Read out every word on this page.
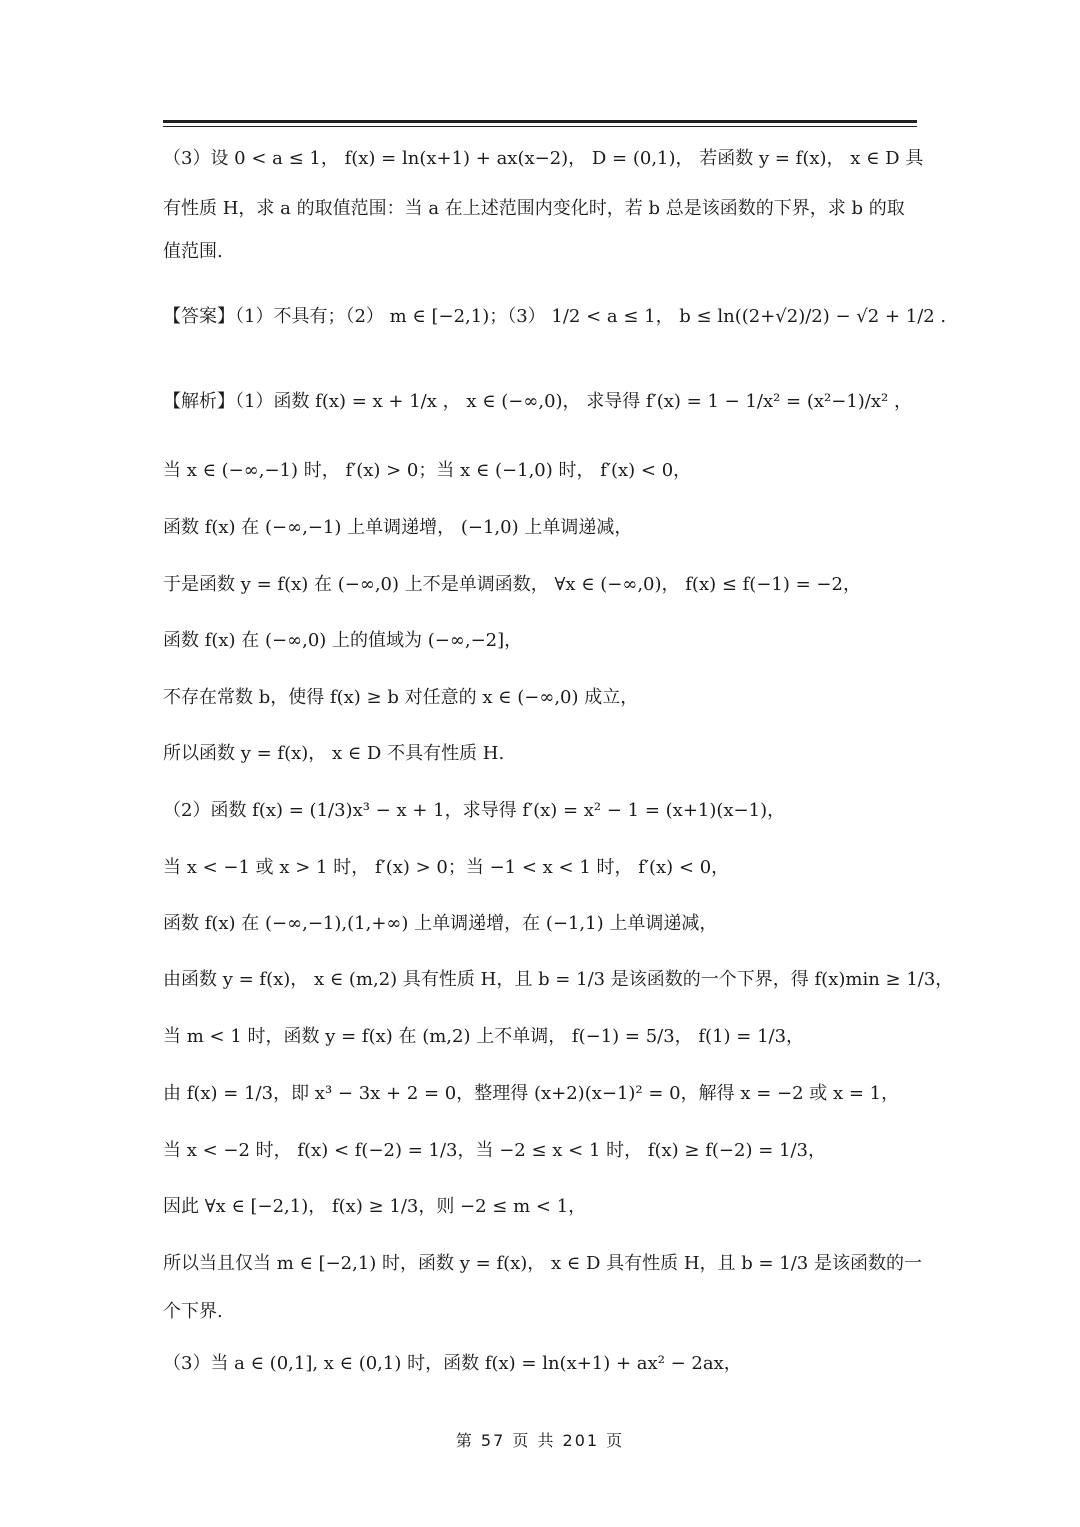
（3）设 0 < a ≤ 1， f(x) = ln(x+1) + ax(x−2)， D = (0,1)， 若函数 y = f(x)， x ∈ D 具
有性质 H，求 a 的取值范围：当 a 在上述范围内变化时，若 b 总是该函数的下界，求 b 的取
值范围.
【答案】（1）不具有；（2） m ∈ [−2,1)；（3） 1/2 < a ≤ 1， b ≤ ln((2+√2)/2) − √2 + 1/2 .
【解析】（1）函数 f(x) = x + 1/x ， x ∈ (−∞,0)， 求导得 f′(x) = 1 − 1/x² = (x²−1)/x² ，
当 x ∈ (−∞,−1) 时， f′(x) > 0；当 x ∈ (−1,0) 时， f′(x) < 0，
函数 f(x) 在 (−∞,−1) 上单调递增， (−1,0) 上单调递减，
于是函数 y = f(x) 在 (−∞,0) 上不是单调函数， ∀x ∈ (−∞,0)， f(x) ≤ f(−1) = −2，
函数 f(x) 在 (−∞,0) 上的值域为 (−∞,−2]，
不存在常数 b，使得 f(x) ≥ b 对任意的 x ∈ (−∞,0) 成立，
所以函数 y = f(x)， x ∈ D 不具有性质 H.
（2）函数 f(x) = (1/3)x³ − x + 1，求导得 f′(x) = x² − 1 = (x+1)(x−1)，
当 x < −1 或 x > 1 时， f′(x) > 0；当 −1 < x < 1 时， f′(x) < 0，
函数 f(x) 在 (−∞,−1),(1,+∞) 上单调递增，在 (−1,1) 上单调递减，
由函数 y = f(x)， x ∈ (m,2) 具有性质 H，且 b = 1/3 是该函数的一个下界，得 f(x)min ≥ 1/3，
当 m < 1 时，函数 y = f(x) 在 (m,2) 上不单调， f(−1) = 5/3， f(1) = 1/3，
由 f(x) = 1/3，即 x³ − 3x + 2 = 0，整理得 (x+2)(x−1)² = 0，解得 x = −2 或 x = 1，
当 x < −2 时， f(x) < f(−2) = 1/3，当 −2 ≤ x < 1 时， f(x) ≥ f(−2) = 1/3，
因此 ∀x ∈ [−2,1)， f(x) ≥ 1/3，则 −2 ≤ m < 1，
所以当且仅当 m ∈ [−2,1) 时，函数 y = f(x)， x ∈ D 具有性质 H，且 b = 1/3 是该函数的一
个下界.
（3）当 a ∈ (0,1], x ∈ (0,1) 时，函数 f(x) = ln(x+1) + ax² − 2ax，
第 57 页 共 201 页
